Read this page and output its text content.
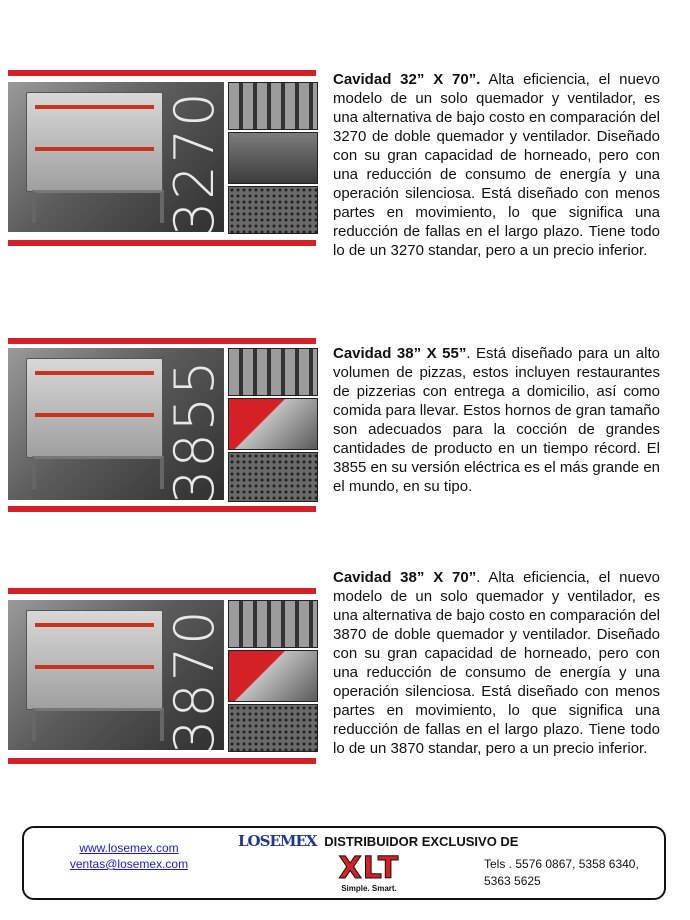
3270

Cavidad 32” X 70”. Alta eficiencia, el nuevo modelo de un solo quemador y ventilador, es una alternativa de bajo costo en comparación del 3270 de doble quemador y ventilador. Diseñado con su gran capacidad de horneado, pero con una reducción de consumo de energía y una operación silenciosa. Está diseñado con menos partes en movimiento, lo que significa una reducción de fallas en el largo plazo. Tiene todo lo de un 3270 standar, pero a un precio inferior.

3855

Cavidad 38” X 55”. Está diseñado para un alto volumen de pizzas, estos incluyen restaurantes de pizzerias con entrega a domicilio, así como comida para llevar. Estos hornos de gran tamaño son adecuados para la cocción de grandes cantidades de producto en un tiempo récord. El 3855 en su versión eléctrica es el más grande en el mundo, en su tipo.

3870

Cavidad 38” X 70”. Alta eficiencia, el nuevo modelo de un solo quemador y ventilador, es una alternativa de bajo costo en comparación del 3870 de doble quemador y ventilador. Diseñado con su gran capacidad de horneado, pero con una reducción de consumo de energía y una operación silenciosa. Está diseñado con menos partes en movimiento, lo que significa una reducción de fallas en el largo plazo. Tiene todo lo de un 3870 standar, pero a un precio inferior.

www.losemex.com
ventas@losemex.com
LOSEMEX DISTRIBUIDOR EXCLUSIVO DE
XLT
Simple. Smart.
Tels . 5576 0867, 5358 6340, 5363 5625
